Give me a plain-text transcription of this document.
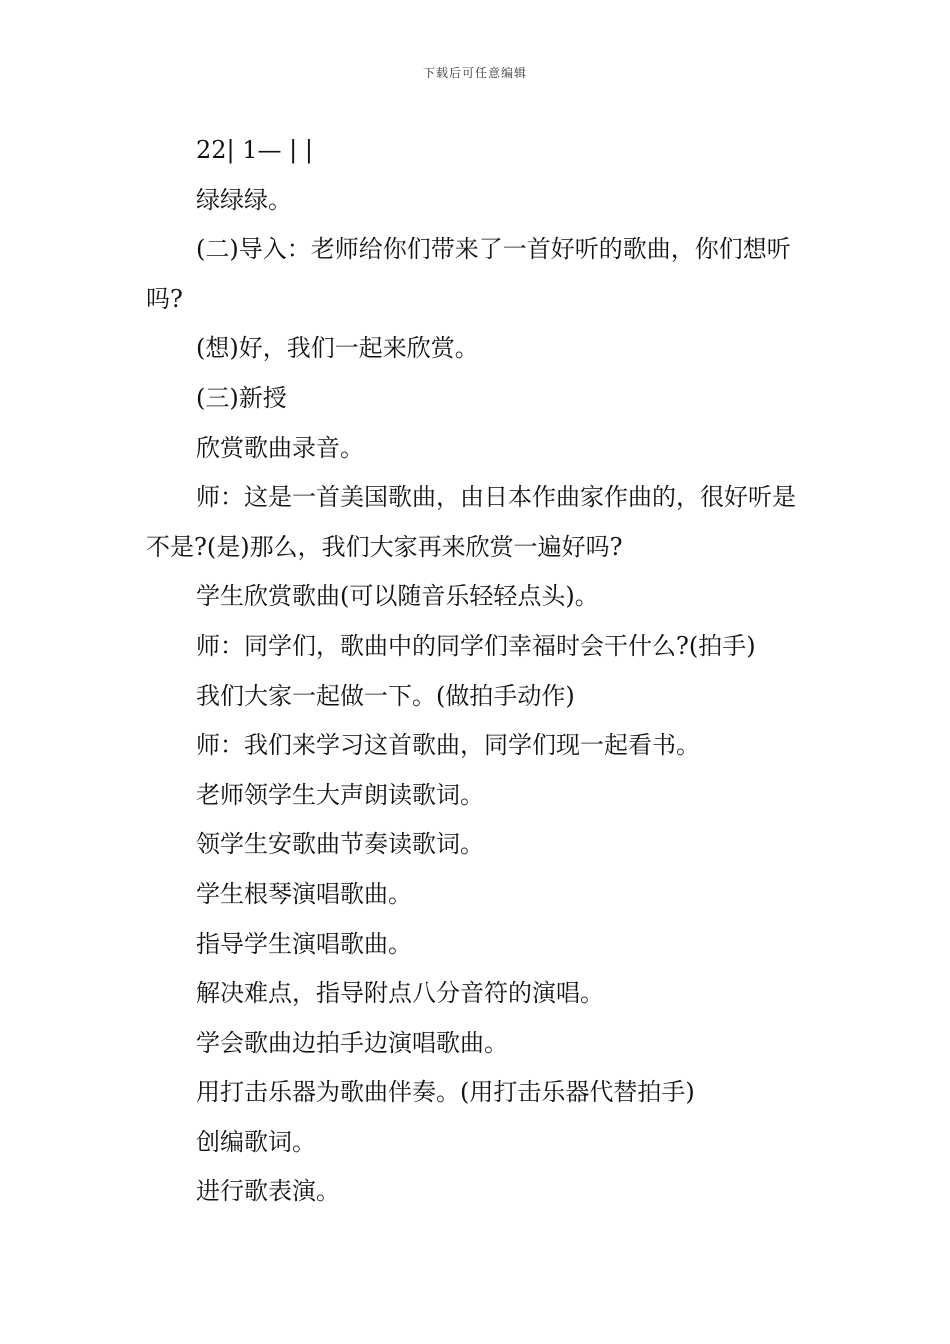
下载后可任意编辑

22| 1— | |

绿绿绿。

(二)导入：老师给你们带来了一首好听的歌曲，你们想听吗?

(想)好，我们一起来欣赏。

(三)新授

欣赏歌曲录音。

师：这是一首美国歌曲，由日本作曲家作曲的，很好听是不是?(是)那么，我们大家再来欣赏一遍好吗?

学生欣赏歌曲(可以随音乐轻轻点头)。

师：同学们，歌曲中的同学们幸福时会干什么?(拍手)

我们大家一起做一下。(做拍手动作)

师：我们来学习这首歌曲，同学们现一起看书。

老师领学生大声朗读歌词。

领学生安歌曲节奏读歌词。

学生根琴演唱歌曲。

指导学生演唱歌曲。

解决难点，指导附点八分音符的演唱。

学会歌曲边拍手边演唱歌曲。

用打击乐器为歌曲伴奏。(用打击乐器代替拍手)

创编歌词。

进行歌表演。
